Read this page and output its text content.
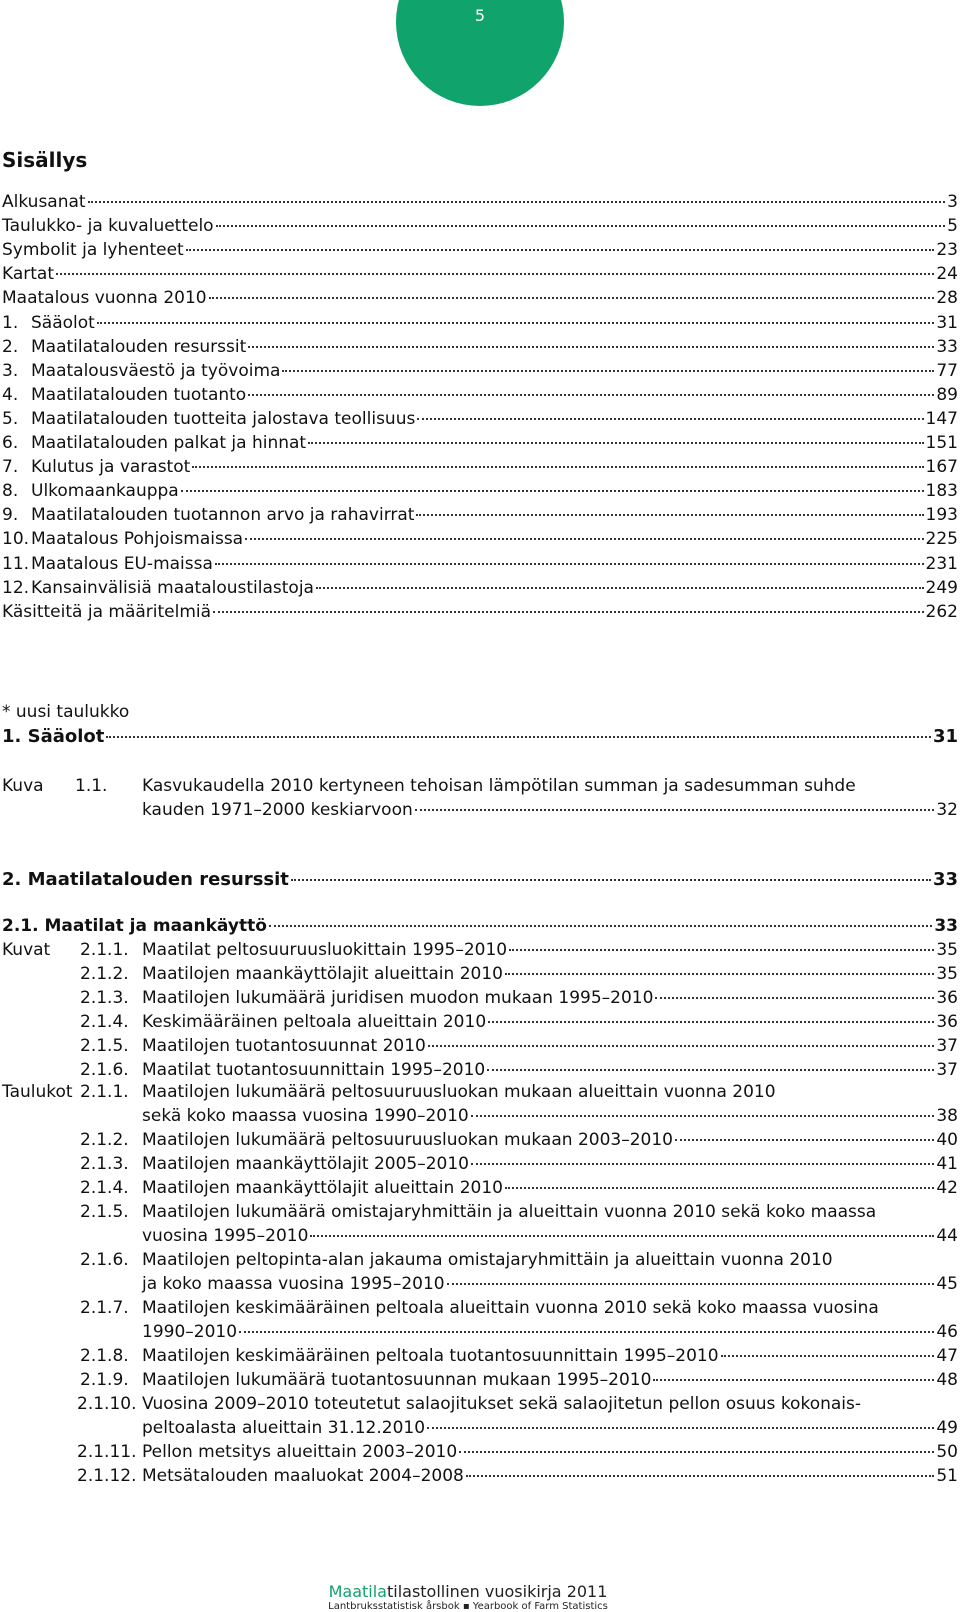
5
Sisällys
Alkusanat	3
Taulukko- ja kuvaluettelo	5
Symbolit ja lyhenteet	23
Kartat	24
Maatalous vuonna 2010	28
1. Sääolot	31
2. Maatilatalouden resurssit	33
3. Maatalousväestö ja työvoima	77
4. Maatilatalouden tuotanto	89
5. Maatilatalouden tuotteita jalostava teollisuus	147
6. Maatilatalouden palkat ja hinnat	151
7. Kulutus ja varastot	167
8. Ulkomaankauppa	183
9. Maatilatalouden tuotannon arvo ja rahavirrat	193
10. Maatalous Pohjoismaissa	225
11. Maatalous EU-maissa	231
12. Kansainvälisiä maataloustilastoja	249
Käsitteitä ja määritelmiä	262
* uusi taulukko
1. Sääolot	31
Kuva 1.1. Kasvukaudella 2010 kertyneen tehoisan lämpötilan summan ja sadesumman suhde
kauden 1971–2000 keskiarvoon	32
2. Maatilatalouden resurssit	33
2.1. Maatilat ja maankäyttö	33
Kuvat 2.1.1. Maatilat peltosuuruusluokittain 1995–2010	35
2.1.2. Maatilojen maankäyttölajit alueittain 2010	35
2.1.3. Maatilojen lukumäärä juridisen muodon mukaan 1995–2010	36
2.1.4. Keskimääräinen peltoala alueittain 2010	36
2.1.5. Maatilojen tuotantosuunnat 2010	37
2.1.6. Maatilat tuotantosuunnittain 1995–2010	37
Taulukot 2.1.1. Maatilojen lukumäärä peltosuuruusluokan mukaan alueittain vuonna 2010
sekä koko maassa vuosina 1990–2010	38
2.1.2. Maatilojen lukumäärä peltosuuruusluokan mukaan 2003–2010	40
2.1.3. Maatilojen maankäyttölajit 2005–2010	41
2.1.4. Maatilojen maankäyttölajit alueittain 2010	42
2.1.5. Maatilojen lukumäärä omistajaryhmittäin ja alueittain vuonna 2010 sekä koko maassa
vuosina 1995–2010	44
2.1.6. Maatilojen peltopinta-alan jakauma omistajaryhmittäin ja alueittain vuonna 2010
ja koko maassa vuosina 1995–2010	45
2.1.7. Maatilojen keskimääräinen peltoala alueittain vuonna 2010 sekä koko maassa vuosina
1990–2010	46
2.1.8. Maatilojen keskimääräinen peltoala tuotantosuunnittain 1995–2010	47
2.1.9. Maatilojen lukumäärä tuotantosuunnan mukaan 1995–2010	48
2.1.10. Vuosina 2009–2010 toteutetut salaojitukset sekä salaojitetun pellon osuus kokonais-
peltoalasta alueittain 31.12.2010	49
2.1.11. Pellon metsitys alueittain 2003–2010	50
2.1.12. Metsätalouden maaluokat 2004–2008	51
Maatilatilastollinen vuosikirja 2011
Lantbruksstatistisk årsbok ▪ Yearbook of Farm Statistics
